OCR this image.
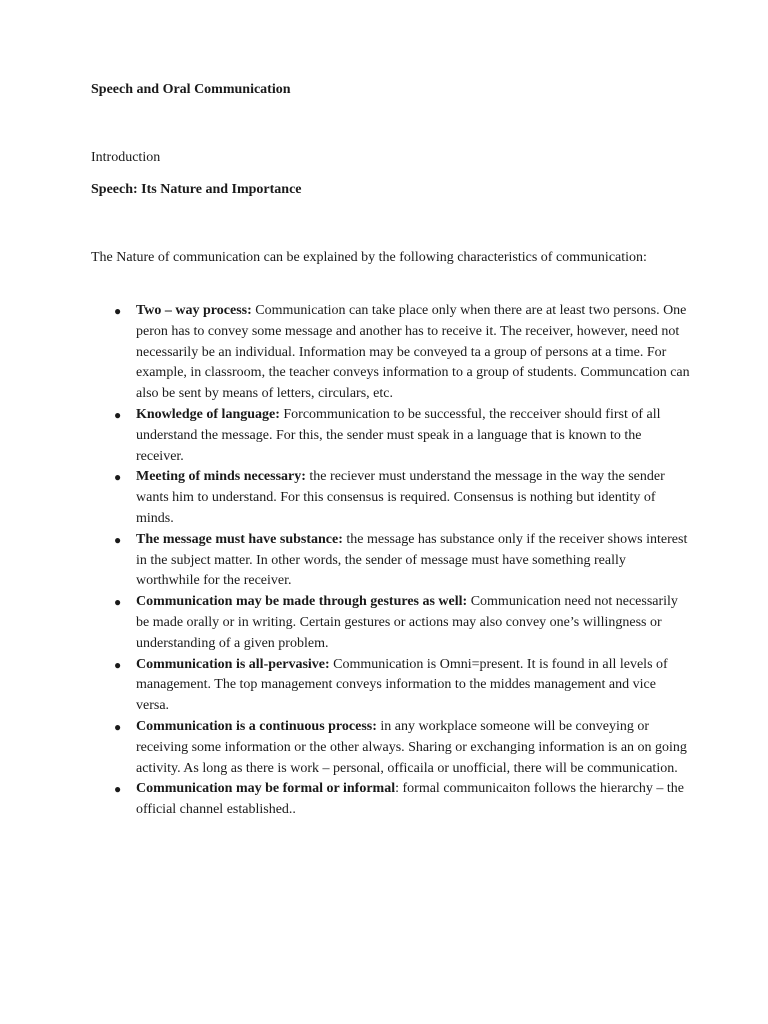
Speech and Oral Communication

Introduction

Speech: Its Nature and Importance

The Nature of communication can be explained by the following characteristics of communication:

● Two – way process: Communication can take place only when there are at least two persons. One peron has to convey some message and another has to receive it. The receiver, however, need not necessarily be an individual. Information may be conveyed ta a group of persons at a time. For example, in classroom, the teacher conveys information to a group of students. Communcation can also be sent by means of letters, circulars, etc.
● Knowledge of language: Forcommunication to be successful, the recceiver should first of all understand the message. For this, the sender must speak in a language that is known to the receiver.
● Meeting of minds necessary: the reciever must understand the message in the way the sender wants him to understand. For this consensus is required. Consensus is nothing but identity of minds.
● The message must have substance: the message has substance only if the receiver shows interest in the subject matter. In other words, the sender of message must have something really worthwhile for the receiver.
● Communication may be made through gestures as well: Communication need not necessarily be made orally or in writing. Certain gestures or actions may also convey one’s willingness or understanding of a given problem.
● Communication is all-pervasive: Communication is Omni=present. It is found in all levels of management. The top management conveys information to the middes management and vice versa.
● Communication is a continuous process: in any workplace someone will be conveying or receiving some information or the other always. Sharing or exchanging information is an on going activity. As long as there is work – personal, officaila or unofficial, there will be communication.
● Communication may be formal or informal: formal communicaiton follows the hierarchy – the official channel established..
